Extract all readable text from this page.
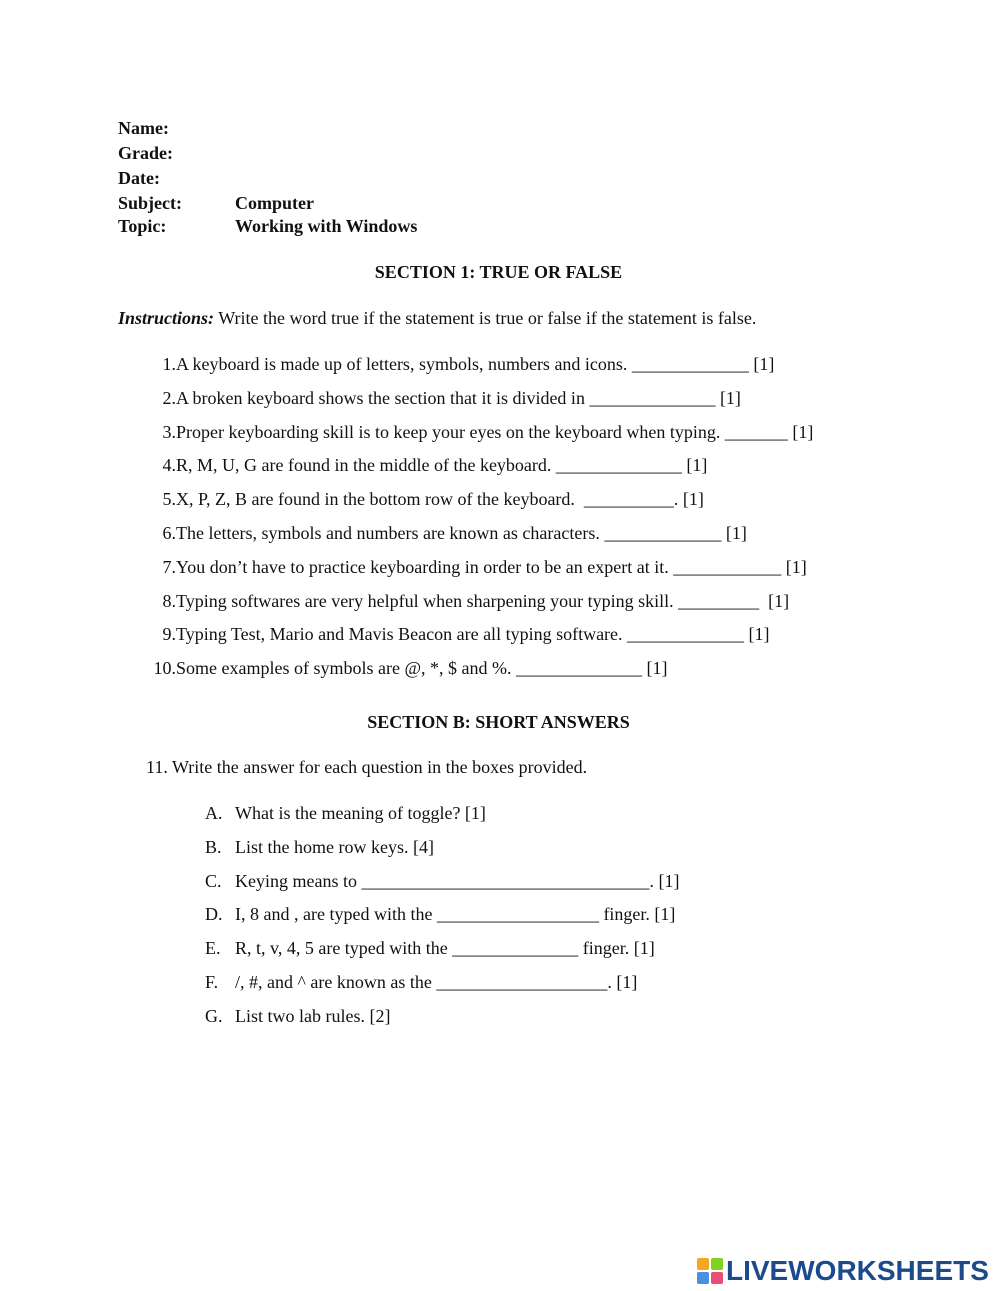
Name:
Grade:
Date:
Subject:	Computer
Topic:	Working with Windows
SECTION 1: TRUE OR FALSE
Instructions: Write the word true if the statement is true or false if the statement is false.
1. A keyboard is made up of letters, symbols, numbers and icons. _____________ [1]
2. A broken keyboard shows the section that it is divided in ______________ [1]
3. Proper keyboarding skill is to keep your eyes on the keyboard when typing. _______ [1]
4. R, M, U, G are found in the middle of the keyboard. ______________ [1]
5. X, P, Z, B are found in the bottom row of the keyboard.  __________. [1]
6. The letters, symbols and numbers are known as characters. _____________ [1]
7. You don’t have to practice keyboarding in order to be an expert at it. ____________ [1]
8. Typing softwares are very helpful when sharpening your typing skill. _________  [1]
9. Typing Test, Mario and Mavis Beacon are all typing software. _____________ [1]
10. Some examples of symbols are @, *, $ and %. ______________ [1]
SECTION B: SHORT ANSWERS
11. Write the answer for each question in the boxes provided.
A. What is the meaning of toggle? [1]
B. List the home row keys. [4]
C. Keying means to ________________________________. [1]
D. I, 8 and , are typed with the __________________ finger. [1]
E. R, t, v, 4, 5 are typed with the ______________ finger. [1]
F. /, #, and ^ are known as the ___________________. [1]
G. List two lab rules. [2]
LIVEWORKSHEETS
